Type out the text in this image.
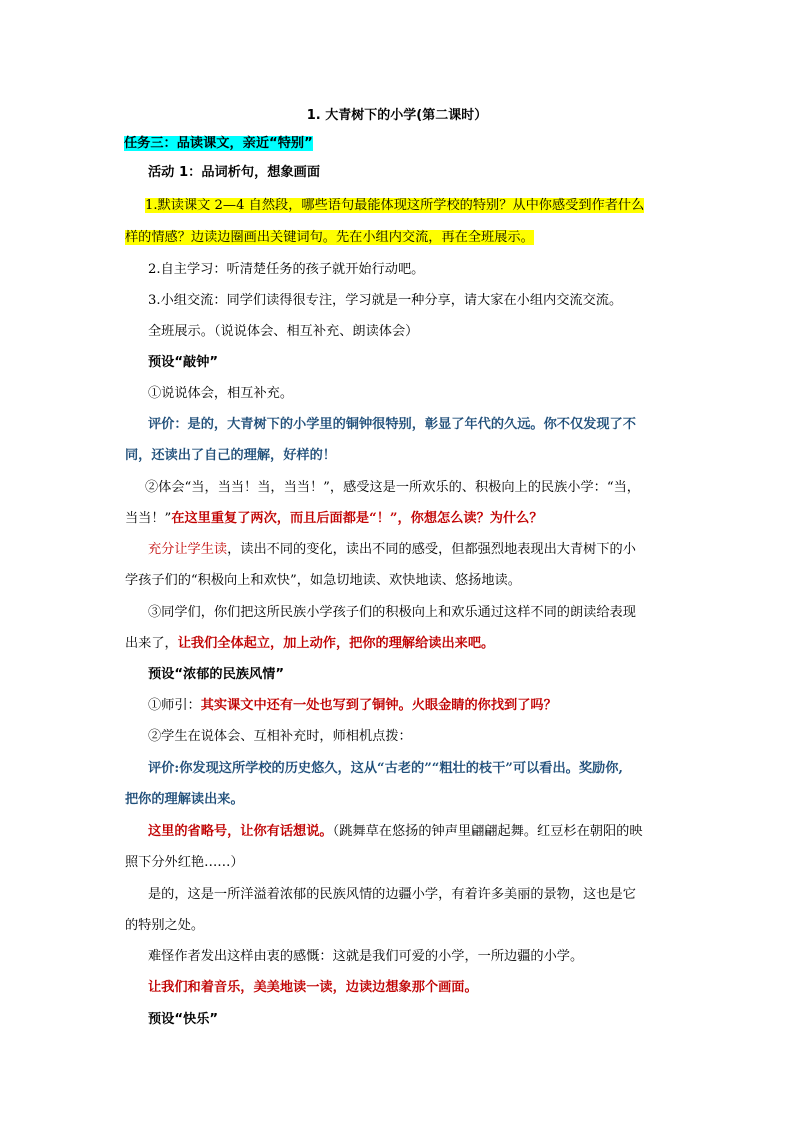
1. 大青树下的小学(第二课时）
任务三：品读课文，亲近“特别”
活动 1：品词析句，想象画面
1.默读课文 2—4 自然段，哪些语句最能体现这所学校的特别？从中你感受到作者什么
样的情感？边读边圈画出关键词句。先在小组内交流，再在全班展示。
2.自主学习：听清楚任务的孩子就开始行动吧。
3.小组交流：同学们读得很专注，学习就是一种分享，请大家在小组内交流交流。
全班展示。（说说体会、相互补充、朗读体会）
预设“敲钟”
①说说体会，相互补充。
评价：是的，大青树下的小学里的铜钟很特别，彰显了年代的久远。你不仅发现了不
同，还读出了自己的理解，好样的！
②体会“当，当当！当，当当！”，感受这是一所欢乐的、积极向上的民族小学：“当，
当当！”在这里重复了两次，而且后面都是“！”，你想怎么读？为什么？
充分让学生读，读出不同的变化，读出不同的感受，但都强烈地表现出大青树下的小
学孩子们的“积极向上和欢快”，如急切地读、欢快地读、悠扬地读。
③同学们，你们把这所民族小学孩子们的积极向上和欢乐通过这样不同的朗读给表现
出来了，让我们全体起立，加上动作，把你的理解给读出来吧。
预设“浓郁的民族风情”
①师引：其实课文中还有一处也写到了铜钟。火眼金睛的你找到了吗？
②学生在说体会、互相补充时，师相机点拨：
评价:你发现这所学校的历史悠久，这从“古老的”“粗壮的枝干”可以看出。奖励你,
把你的理解读出来。
这里的省略号，让你有话想说。（跳舞草在悠扬的钟声里翩翩起舞。红豆杉在朝阳的映
照下分外红艳……）
是的，这是一所洋溢着浓郁的民族风情的边疆小学，有着许多美丽的景物，这也是它
的特别之处。
难怪作者发出这样由衷的感慨：这就是我们可爱的小学，一所边疆的小学。
让我们和着音乐，美美地读一读，边读边想象那个画面。
预设“快乐”
